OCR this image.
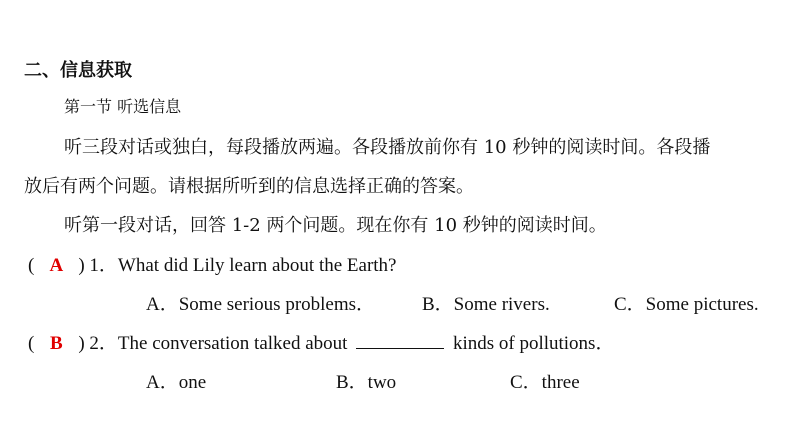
二、信息获取
第一节 听选信息
听三段对话或独白，每段播放两遍。各段播放前你有 10 秒钟的阅读时间。各段播
放后有两个问题。请根据所听到的信息选择正确的答案。
听第一段对话，回答 1-2 两个问题。现在你有 10 秒钟的阅读时间。
( A ) 1．What did Lily learn about the Earth?
A．Some serious problems． B．Some rivers.	C．Some pictures.
( B ) 2．The conversation talked about	kinds of pollutions．
A．one	B．two	C．three
